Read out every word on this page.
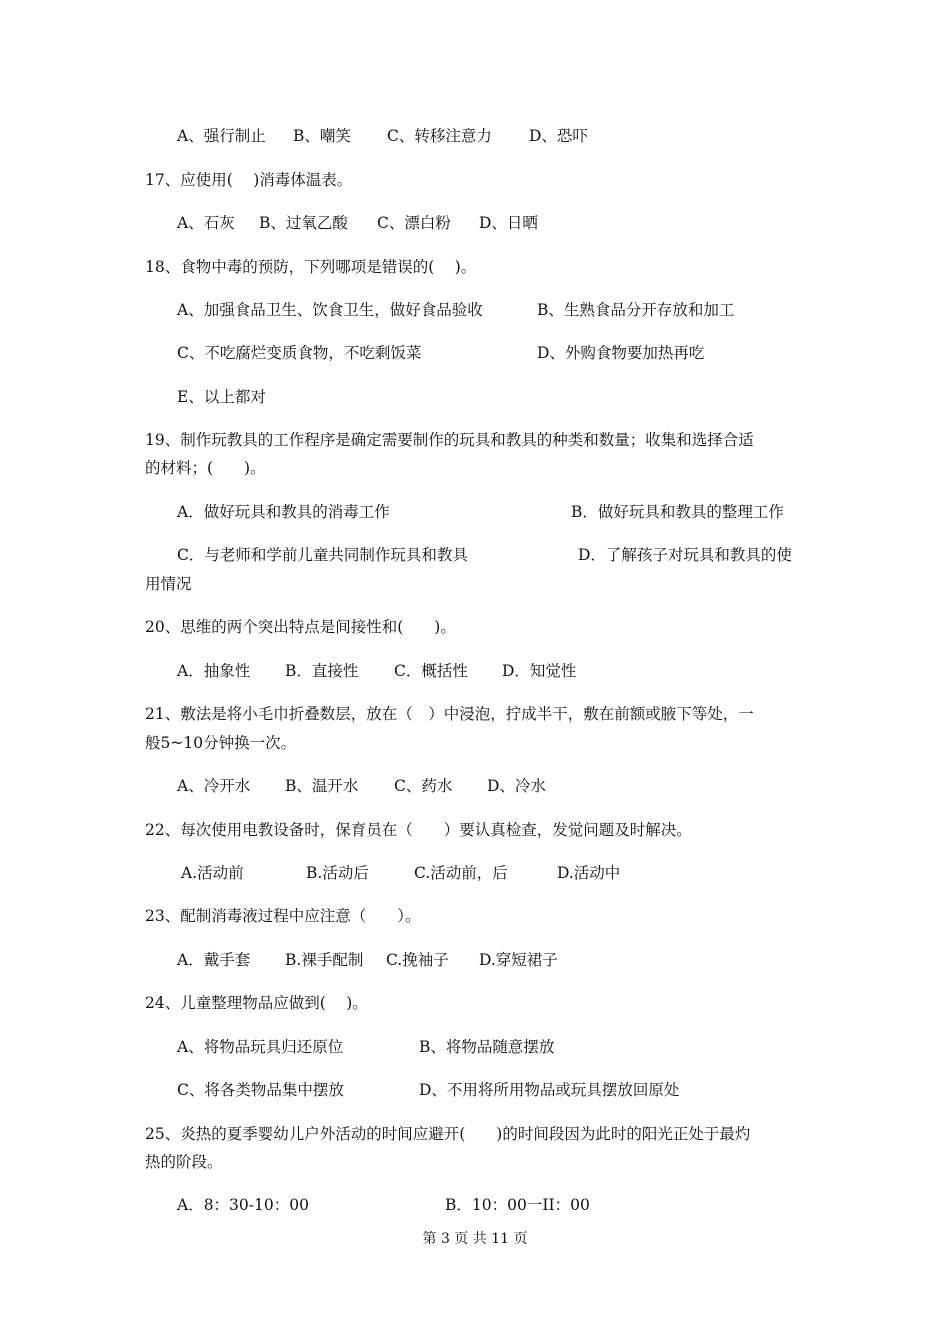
A、强行制止 B、嘲笑 C、转移注意力 D、恐吓
17、应使用(　 )消毒体温表。
A、石灰 B、过氧乙酸 C、漂白粉 D、日晒
18、食物中毒的预防，下列哪项是错误的(　 )。
A、加强食品卫生、饮食卫生，做好食品验收	B、生熟食品分开存放和加工
C、不吃腐烂变质食物，不吃剩饭菜	D、外购食物要加热再吃
E、以上都对
19、制作玩教具的工作程序是确定需要制作的玩具和教具的种类和数量；收集和选择合适
的材料；(　　)。
A．做好玩具和教具的消毒工作	B．做好玩具和教具的整理工作
C．与老师和学前儿童共同制作玩具和教具	D．了解孩子对玩具和教具的使
用情况
20、思维的两个突出特点是间接性和(　　)。
A．抽象性 B．直接性 C．概括性 D．知觉性
21、敷法是将小毛巾折叠数层，放在（　）中浸泡，拧成半干，敷在前额或腋下等处，一
般5~10分钟换一次。
A、冷开水 B、温开水 C、药水 D、冷水
22、每次使用电教设备时，保育员在（　　）要认真检查，发觉问题及时解决。
A.活动前	B.活动后	C.活动前，后	D.活动中
23、配制消毒液过程中应注意（　　）。
A．戴手套 B.裸手配制 C.挽袖子 D.穿短裙子
24、儿童整理物品应做到(　 )。
A、将物品玩具归还原位	B、将物品随意摆放
C、将各类物品集中摆放	D、不用将所用物品或玩具摆放回原处
25、炎热的夏季婴幼儿户外活动的时间应避开(　　)的时间段因为此时的阳光正处于最灼
热的阶段。
A．8：30-10：00	B．10：00一II：00

第 3 页 共 11 页
